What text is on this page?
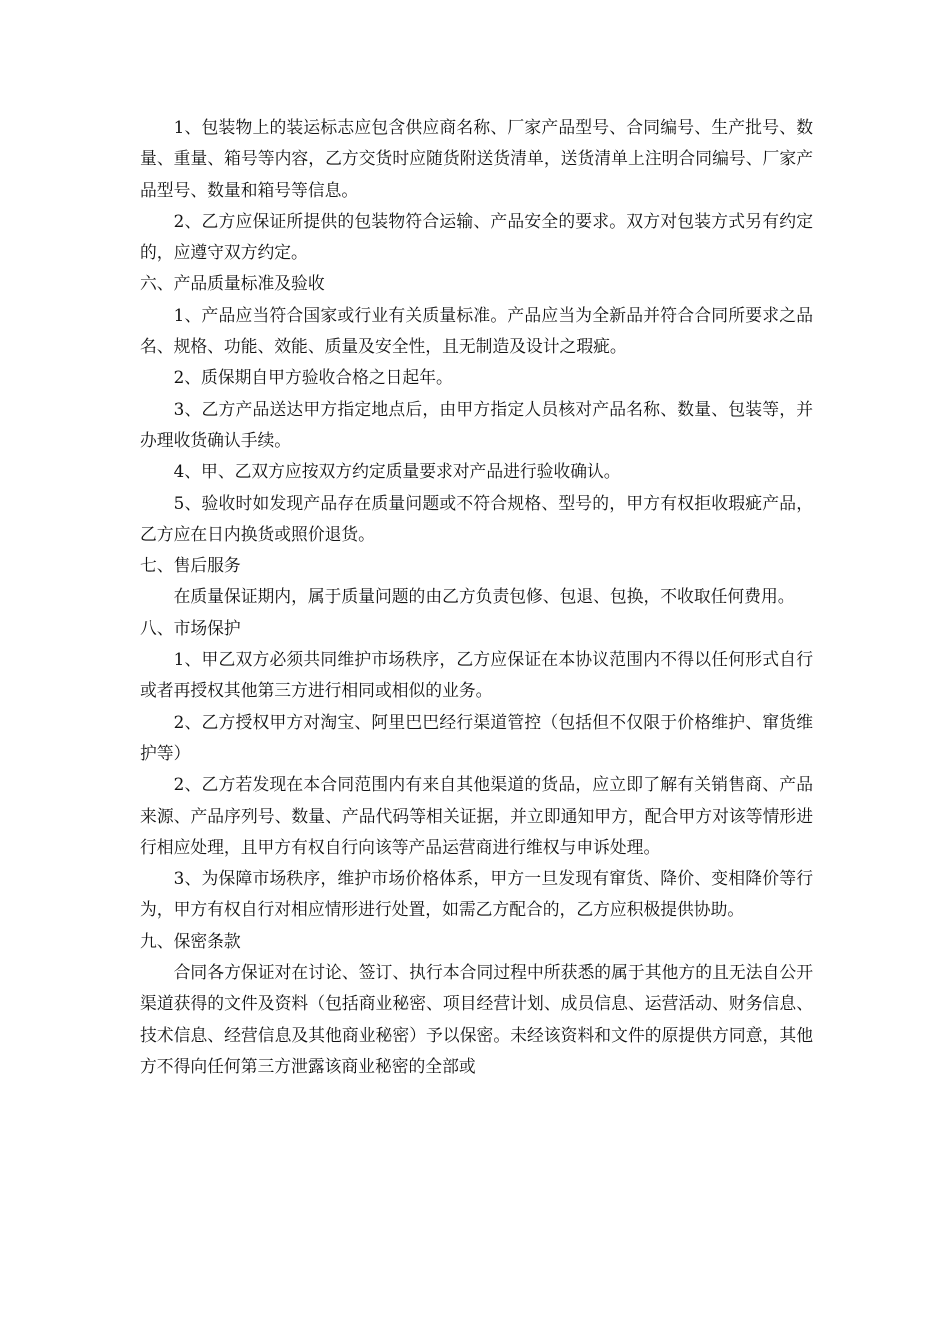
1、包装物上的装运标志应包含供应商名称、厂家产品型号、合同编号、生产批号、数量、重量、箱号等内容，乙方交货时应随货附送货清单，送货清单上注明合同编号、厂家产品型号、数量和箱号等信息。

2、乙方应保证所提供的包装物符合运输、产品安全的要求。双方对包装方式另有约定的，应遵守双方约定。

六、产品质量标准及验收

1、产品应当符合国家或行业有关质量标准。产品应当为全新品并符合合同所要求之品名、规格、功能、效能、质量及安全性，且无制造及设计之瑕疵。

2、质保期自甲方验收合格之日起年。

3、乙方产品送达甲方指定地点后，由甲方指定人员核对产品名称、数量、包装等，并办理收货确认手续。

4、甲、乙双方应按双方约定质量要求对产品进行验收确认。

5、验收时如发现产品存在质量问题或不符合规格、型号的，甲方有权拒收瑕疵产品，乙方应在日内换货或照价退货。

七、售后服务

在质量保证期内，属于质量问题的由乙方负责包修、包退、包换，不收取任何费用。

八、市场保护

1、甲乙双方必须共同维护市场秩序，乙方应保证在本协议范围内不得以任何形式自行或者再授权其他第三方进行相同或相似的业务。

2、乙方授权甲方对淘宝、阿里巴巴经行渠道管控（包括但不仅限于价格维护、窜货维护等）

2、乙方若发现在本合同范围内有来自其他渠道的货品，应立即了解有关销售商、产品来源、产品序列号、数量、产品代码等相关证据，并立即通知甲方，配合甲方对该等情形进行相应处理，且甲方有权自行向该等产品运营商进行维权与申诉处理。

3、为保障市场秩序，维护市场价格体系，甲方一旦发现有窜货、降价、变相降价等行为，甲方有权自行对相应情形进行处置，如需乙方配合的，乙方应积极提供协助。

九、保密条款

合同各方保证对在讨论、签订、执行本合同过程中所获悉的属于其他方的且无法自公开渠道获得的文件及资料（包括商业秘密、项目经营计划、成员信息、运营活动、财务信息、技术信息、经营信息及其他商业秘密）予以保密。未经该资料和文件的原提供方同意，其他方不得向任何第三方泄露该商业秘密的全部或
